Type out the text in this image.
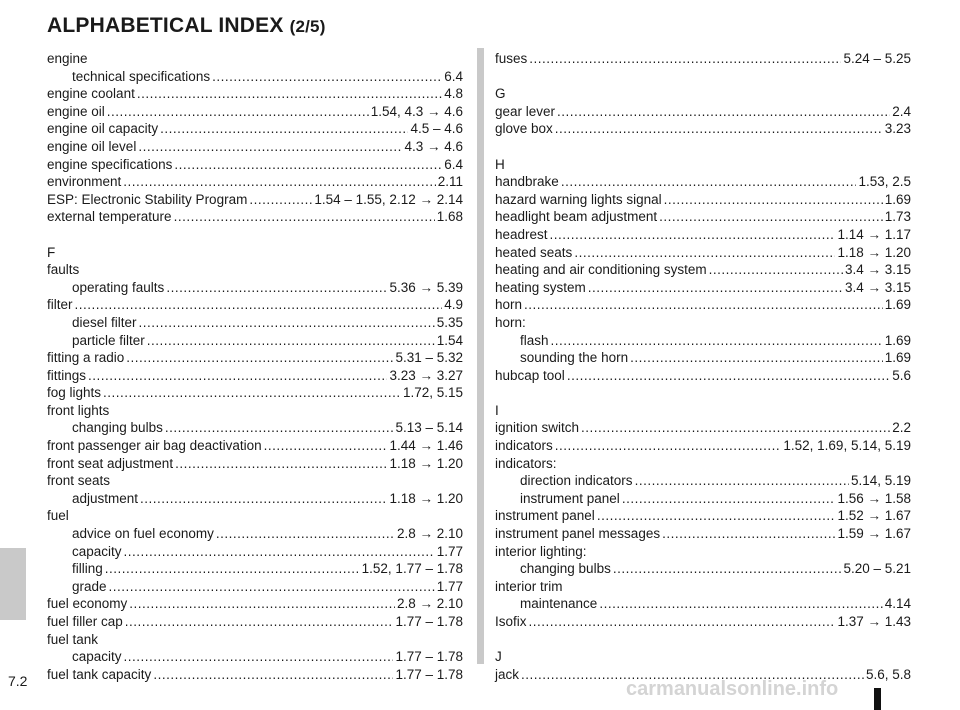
ALPHABETICAL INDEX (2/5)
engine
technical specifications .....	6.4
engine coolant .....	4.8
engine oil .....	1.54, 4.3 → 4.6
engine oil capacity .....	4.5 – 4.6
engine oil level .....	4.3 → 4.6
engine specifications .....	6.4
environment .....	2.11
ESP: Electronic Stability Program .....	1.54 – 1.55, 2.12 → 2.14
external temperature .....	1.68
F
faults
operating faults .....	5.36 → 5.39
filter .....	4.9
diesel filter .....	5.35
particle filter .....	1.54
fitting a radio .....	5.31 – 5.32
fittings .....	3.23 → 3.27
fog lights .....	1.72, 5.15
front lights
changing bulbs .....	5.13 – 5.14
front passenger air bag deactivation .....	1.44 → 1.46
front seat adjustment .....	1.18 → 1.20
front seats
adjustment .....	1.18 → 1.20
fuel
advice on fuel economy .....	2.8 → 2.10
capacity .....	1.77
filling .....	1.52, 1.77 – 1.78
grade .....	1.77
fuel economy .....	2.8 → 2.10
fuel filler cap .....	1.77 – 1.78
fuel tank
capacity .....	1.77 – 1.78
fuel tank capacity .....	1.77 – 1.78
fuses .....	5.24 – 5.25
G
gear lever .....	2.4
glove box .....	3.23
H
handbrake .....	1.53, 2.5
hazard warning lights signal .....	1.69
headlight beam adjustment .....	1.73
headrest .....	1.14 → 1.17
heated seats .....	1.18 → 1.20
heating and air conditioning system .....	3.4 → 3.15
heating system .....	3.4 → 3.15
horn .....	1.69
horn:
flash .....	1.69
sounding the horn .....	1.69
hubcap tool .....	5.6
I
ignition switch .....	2.2
indicators .....	1.52, 1.69, 5.14, 5.19
indicators:
direction indicators .....	5.14, 5.19
instrument panel .....	1.56 → 1.58
instrument panel .....	1.52 → 1.67
instrument panel messages .....	1.59 → 1.67
interior lighting:
changing bulbs .....	5.20 – 5.21
interior trim
maintenance .....	4.14
Isofix .....	1.37 → 1.43
J
jack .....	5.6, 5.8
7.2	carmanualsonline.info
